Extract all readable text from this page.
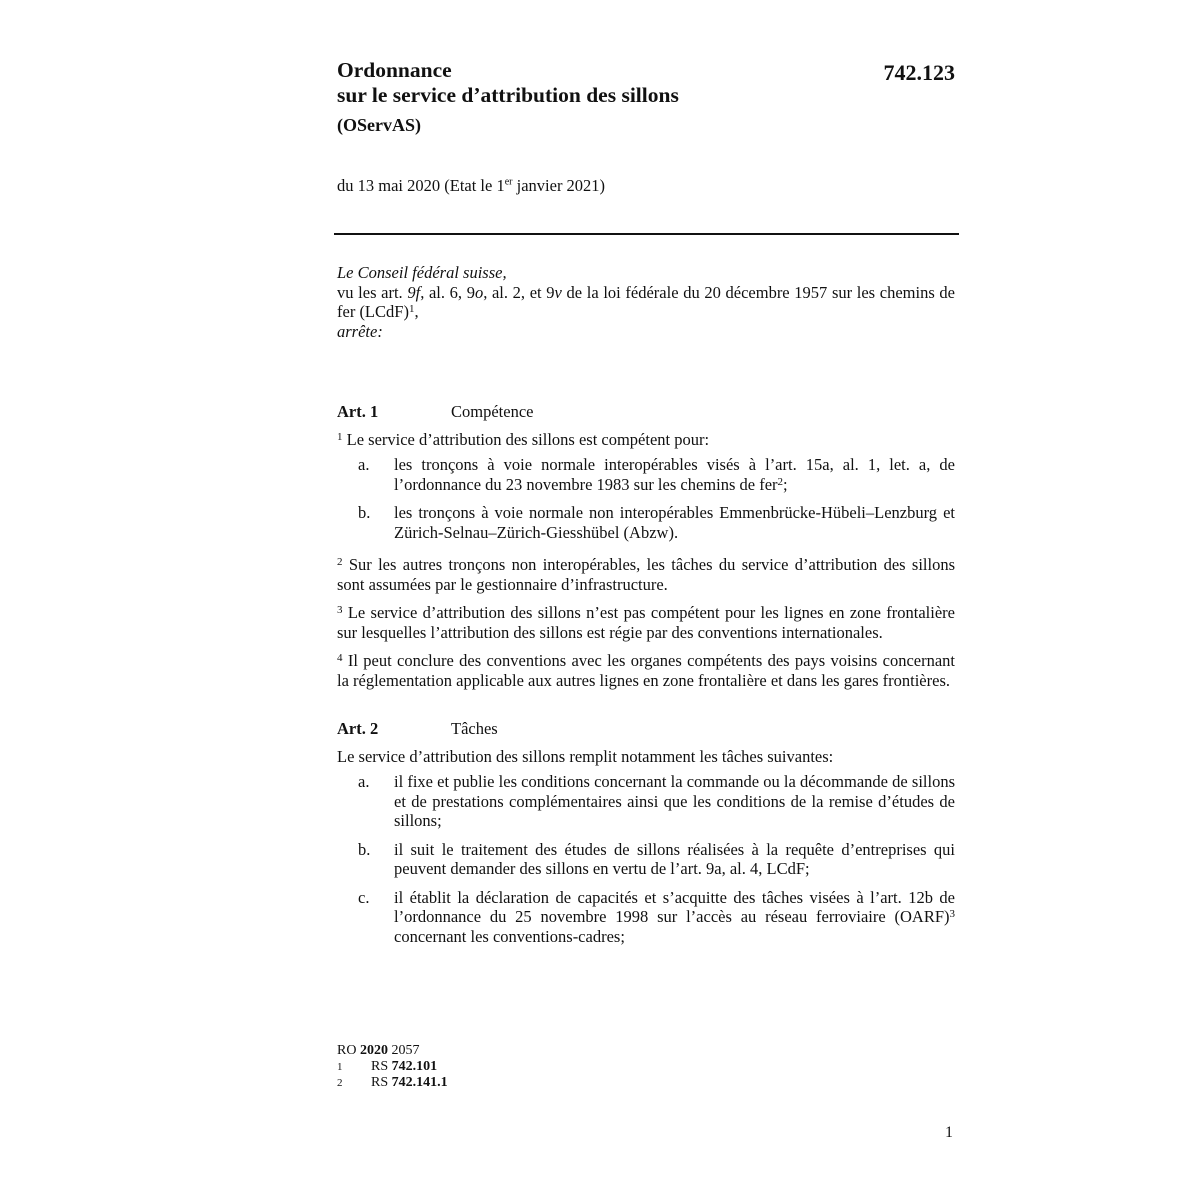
742.123
Ordonnance
sur le service d’attribution des sillons
(OServAS)
du 13 mai 2020 (Etat le 1er janvier 2021)

Le Conseil fédéral suisse,

vu les art. 9f, al. 6, 9o, al. 2, et 9v de la loi fédérale du 20 décembre 1957 sur les chemins de fer (LCdF)$^1$,

arrête:

Art. 1	Compétence

$^1$ Le service d’attribution des sillons est compétent pour:

a.	les tronçons à voie normale interopérables visés à l’art. 15a, al. 1, let. a, de l’ordonnance du 23 novembre 1983 sur les chemins de fer$^2$;
b.	les tronçons à voie normale non interopérables Emmenbrücke-Hübeli–Lenzburg et Zürich-Selnau–Zürich-Giesshübel (Abzw).

$^2$ Sur les autres tronçons non interopérables, les tâches du service d’attribution des sillons sont assumées par le gestionnaire d’infrastructure.

$^3$ Le service d’attribution des sillons n’est pas compétent pour les lignes en zone frontalière sur lesquelles l’attribution des sillons est régie par des conventions internationales.

$^4$ Il peut conclure des conventions avec les organes compétents des pays voisins concernant la réglementation applicable aux autres lignes en zone frontalière et dans les gares frontières.

Art. 2	Tâches

Le service d’attribution des sillons remplit notamment les tâches suivantes:

a.	il fixe et publie les conditions concernant la commande ou la décommande de sillons et de prestations complémentaires ainsi que les conditions de la remise d’études de sillons;
b.	il suit le traitement des études de sillons réalisées à la requête d’entreprises qui peuvent demander des sillons en vertu de l’art. 9a, al. 4, LCdF;
c.	il établit la déclaration de capacités et s’acquitte des tâches visées à l’art. 12b de l’ordonnance du 25 novembre 1998 sur l’accès au réseau ferroviaire (OARF)$^3$ concernant les conventions-cadres;
RO 2020 2057
1	RS 742.101
2	RS 742.141.1
1
